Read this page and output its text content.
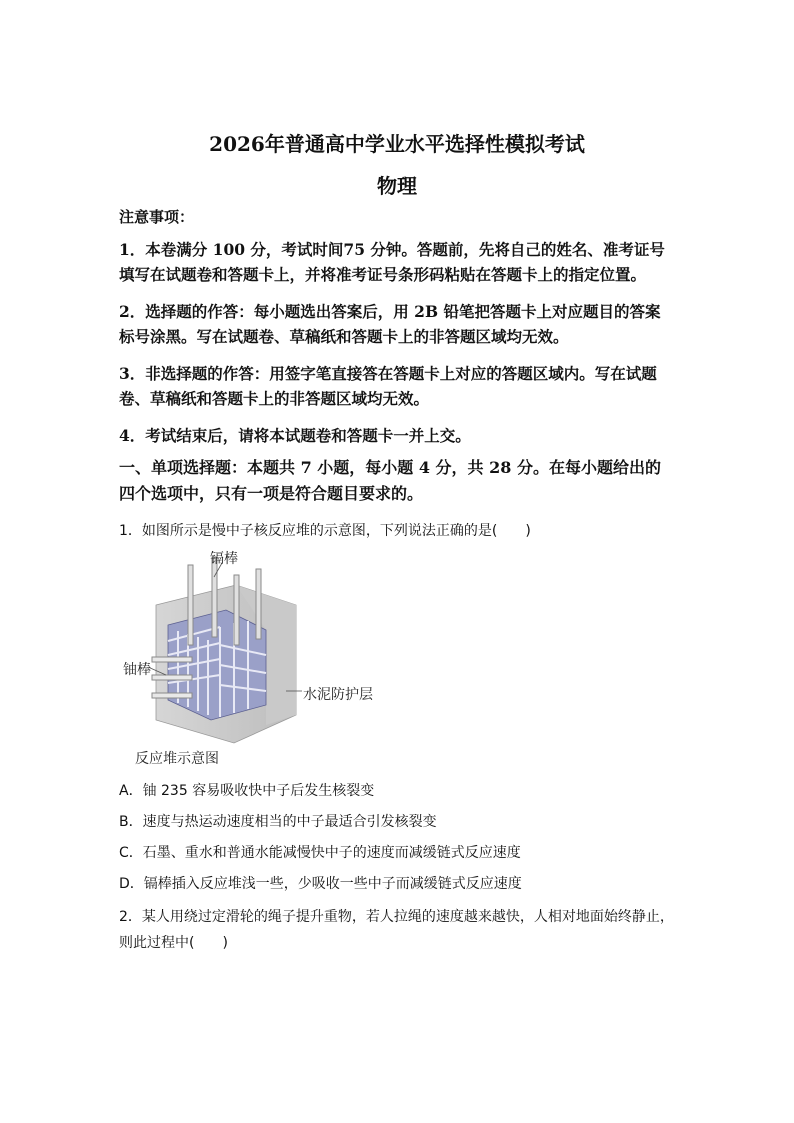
2026年普通高中学业水平选择性模拟考试
物理
注意事项：
1．本卷满分 100 分，考试时间75 分钟。答题前，先将自己的姓名、准考证号填写在试题卷和答题卡上，并将准考证号条形码粘贴在答题卡上的指定位置。
2．选择题的作答：每小题选出答案后，用 2B 铅笔把答题卡上对应题目的答案标号涂黑。写在试题卷、草稿纸和答题卡上的非答题区域均无效。
3．非选择题的作答：用签字笔直接答在答题卡上对应的答题区域内。写在试题卷、草稿纸和答题卡上的非答题区域均无效。
4．考试结束后，请将本试题卷和答题卡一并上交。
一、单项选择题：本题共 7 小题，每小题 4 分，共 28 分。在每小题给出的四个选项中，只有一项是符合题目要求的。
1．如图所示是慢中子核反应堆的示意图，下列说法正确的是(　　)
镉棒
铀棒
水泥防护层
反应堆示意图
A．铀 235 容易吸收快中子后发生核裂变
B．速度与热运动速度相当的中子最适合引发核裂变
C．石墨、重水和普通水能减慢快中子的速度而减缓链式反应速度
D．镉棒插入反应堆浅一些，少吸收一些中子而减缓链式反应速度
2．某人用绕过定滑轮的绳子提升重物，若人拉绳的速度越来越快，人相对地面始终静止，则此过程中(　　)
